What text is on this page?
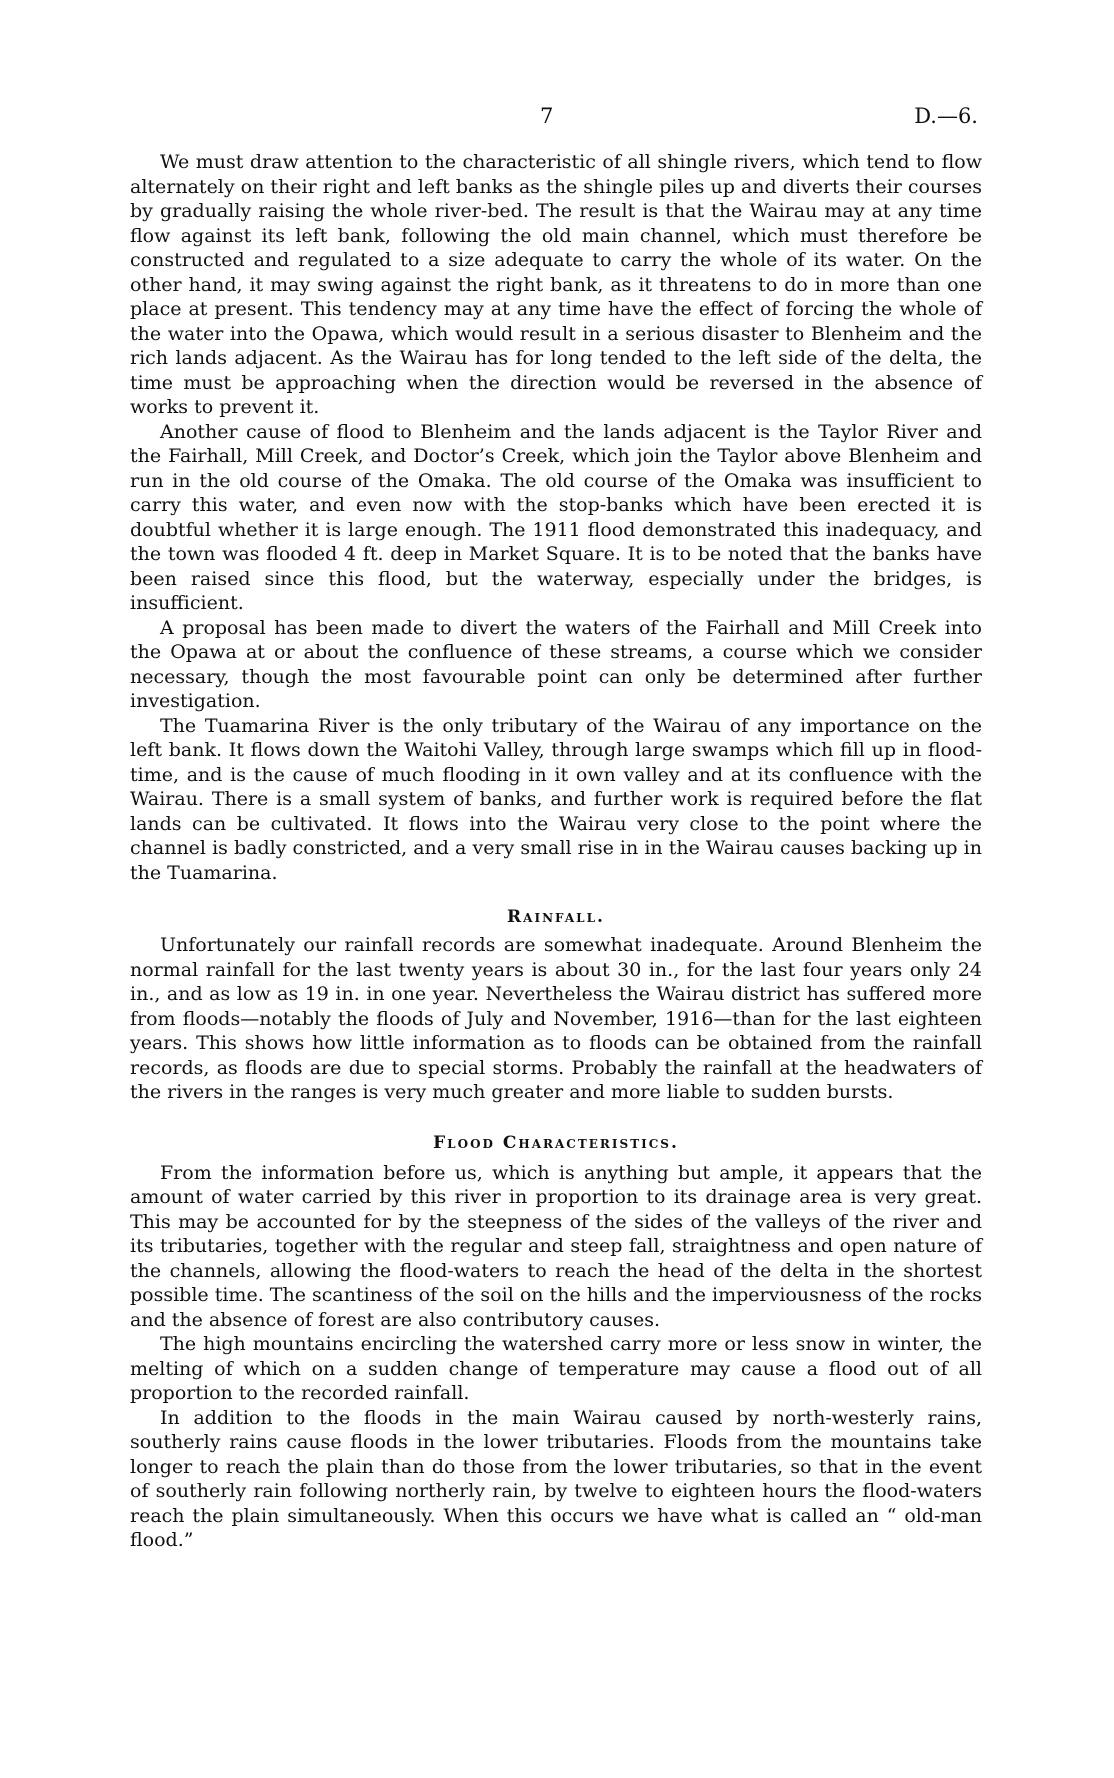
7	D.—6.

We must draw attention to the characteristic of all shingle rivers, which tend to flow alternately on their right and left banks as the shingle piles up and diverts their courses by gradually raising the whole river-bed. The result is that the Wairau may at any time flow against its left bank, following the old main channel, which must therefore be constructed and regulated to a size adequate to carry the whole of its water. On the other hand, it may swing against the right bank, as it threatens to do in more than one place at present. This tendency may at any time have the effect of forcing the whole of the water into the Opawa, which would result in a serious disaster to Blenheim and the rich lands adjacent. As the Wairau has for long tended to the left side of the delta, the time must be approaching when the direction would be reversed in the absence of works to prevent it.

Another cause of flood to Blenheim and the lands adjacent is the Taylor River and the Fairhall, Mill Creek, and Doctor’s Creek, which join the Taylor above Blenheim and run in the old course of the Omaka. The old course of the Omaka was insufficient to carry this water, and even now with the stop-banks which have been erected it is doubtful whether it is large enough. The 1911 flood demonstrated this inadequacy, and the town was flooded 4 ft. deep in Market Square. It is to be noted that the banks have been raised since this flood, but the waterway, especially under the bridges, is insufficient.

A proposal has been made to divert the waters of the Fairhall and Mill Creek into the Opawa at or about the confluence of these streams, a course which we consider necessary, though the most favourable point can only be determined after further investigation.

The Tuamarina River is the only tributary of the Wairau of any importance on the left bank. It flows down the Waitohi Valley, through large swamps which fill up in flood-time, and is the cause of much flooding in it own valley and at its confluence with the Wairau. There is a small system of banks, and further work is required before the flat lands can be cultivated. It flows into the Wairau very close to the point where the channel is badly constricted, and a very small rise in in the Wairau causes backing up in the Tuamarina.

Rainfall.

Unfortunately our rainfall records are somewhat inadequate. Around Blenheim the normal rainfall for the last twenty years is about 30 in., for the last four years only 24 in., and as low as 19 in. in one year. Nevertheless the Wairau district has suffered more from floods—notably the floods of July and November, 1916—than for the last eighteen years. This shows how little information as to floods can be obtained from the rainfall records, as floods are due to special storms. Probably the rainfall at the headwaters of the rivers in the ranges is very much greater and more liable to sudden bursts.

Flood Characteristics.

From the information before us, which is anything but ample, it appears that the amount of water carried by this river in proportion to its drainage area is very great. This may be accounted for by the steepness of the sides of the valleys of the river and its tributaries, together with the regular and steep fall, straightness and open nature of the channels, allowing the flood-waters to reach the head of the delta in the shortest possible time. The scantiness of the soil on the hills and the imperviousness of the rocks and the absence of forest are also contributory causes.

The high mountains encircling the watershed carry more or less snow in winter, the melting of which on a sudden change of temperature may cause a flood out of all proportion to the recorded rainfall.

In addition to the floods in the main Wairau caused by north-westerly rains, southerly rains cause floods in the lower tributaries. Floods from the mountains take longer to reach the plain than do those from the lower tributaries, so that in the event of southerly rain following northerly rain, by twelve to eighteen hours the flood-waters reach the plain simultaneously. When this occurs we have what is called an “ old-man flood.”
